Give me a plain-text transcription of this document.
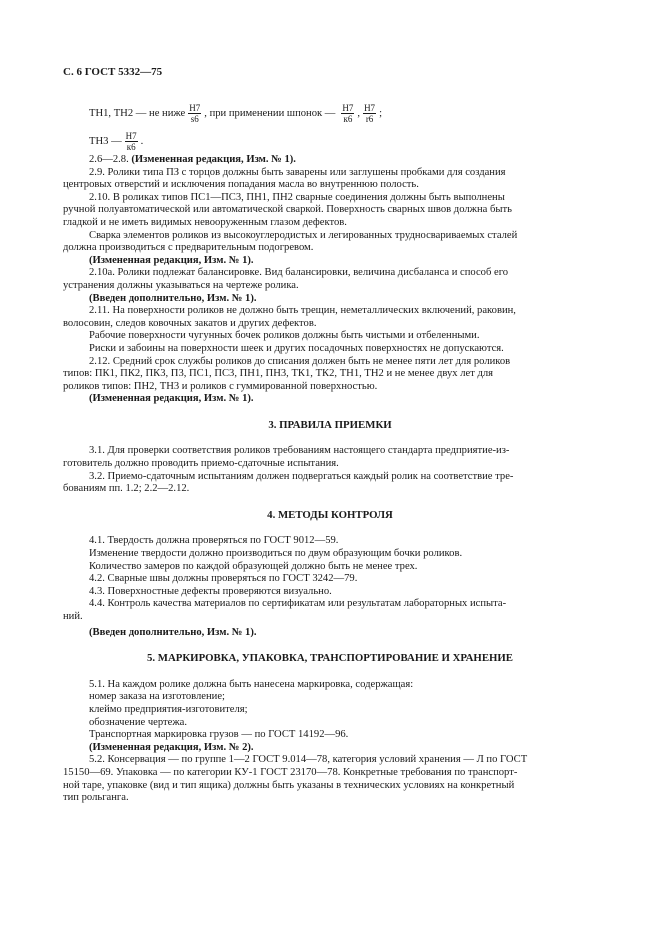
С. 6 ГОСТ 5332—75
ТН1, ТН2 — не ниже $\frac{Н7}{s6}$ , при применении шпонок — $\frac{Н7}{к6}$ , $\frac{Н7}{r6}$ ;
ТН3 — $\frac{Н7}{к6}$ .

2.6—2.8. (Измененная редакция, Изм. № 1).

2.9. Ролики типа ПЗ с торцов должны быть заварены или заглушены пробками для создания

центровых отверстий и исключения попадания масла во внутреннюю полость.

2.10. В роликах типов ПС1—ПС3, ПН1, ПН2 сварные соединения должны быть выполнены

ручной полуавтоматической или автоматической сваркой. Поверхность сварных швов должна быть

гладкой и не иметь видимых невооруженным глазом дефектов.

Сварка элементов роликов из высокоуглеродистых и легированных трудносвариваемых сталей

должна производиться с предварительным подогревом.

(Измененная редакция, Изм. № 1).

2.10а. Ролики подлежат балансировке. Вид балансировки, величина дисбаланса и способ его

устранения должны указываться на чертеже ролика.

(Введен дополнительно, Изм. № 1).

2.11. На поверхности роликов не должно быть трещин, неметаллических включений, раковин,

волосовин, следов ковочных закатов и других дефектов.

Рабочие поверхности чугунных бочек роликов должны быть чистыми и отбеленными.

Риски и забоины на поверхности шеек и других посадочных поверхностях не допускаются.

2.12. Средний срок службы роликов до списания должен быть не менее пяти лет для роликов

типов: ПК1, ПК2, ПК3, П3, ПС1, ПС3, ПН1, ПН3, ТК1, ТК2, ТН1, ТН2 и не менее двух лет для

роликов типов: ПН2, ТН3 и роликов с гуммированной поверхностью.

(Измененная редакция, Изм. № 1).

3. ПРАВИЛА ПРИЕМКИ

3.1. Для проверки соответствия роликов требованиям настоящего стандарта предприятие-из-

готовитель должно проводить приемо-сдаточные испытания.

3.2. Приемо-сдаточным испытаниям должен подвергаться каждый ролик на соответствие тре-

бованиям пп. 1.2; 2.2—2.12.

4. МЕТОДЫ КОНТРОЛЯ

4.1. Твердость должна проверяться по ГОСТ 9012—59.

Изменение твердости должно производиться по двум образующим бочки роликов.

Количество замеров по каждой образующей должно быть не менее трех.

4.2. Сварные швы должны проверяться по ГОСТ 3242—79.

4.3. Поверхностные дефекты проверяются визуально.

4.4. Контроль качества материалов по сертификатам или результатам лабораторных испыта-

ний.

(Введен дополнительно, Изм. № 1).

5. МАРКИРОВКА, УПАКОВКА, ТРАНСПОРТИРОВАНИЕ И ХРАНЕНИЕ

5.1. На каждом ролике должна быть нанесена маркировка, содержащая:

номер заказа на изготовление;

клеймо предприятия-изготовителя;

обозначение чертежа.

Транспортная маркировка грузов — по ГОСТ 14192—96.

(Измененная редакция, Изм. № 2).

5.2. Консервация — по группе 1—2 ГОСТ 9.014—78, категория условий хранения — Л по ГОСТ

15150—69. Упаковка — по категории КУ-1 ГОСТ 23170—78. Конкретные требования по транспорт-

ной таре, упаковке (вид и тип ящика) должны быть указаны в технических условиях на конкретный

тип рольганга.
